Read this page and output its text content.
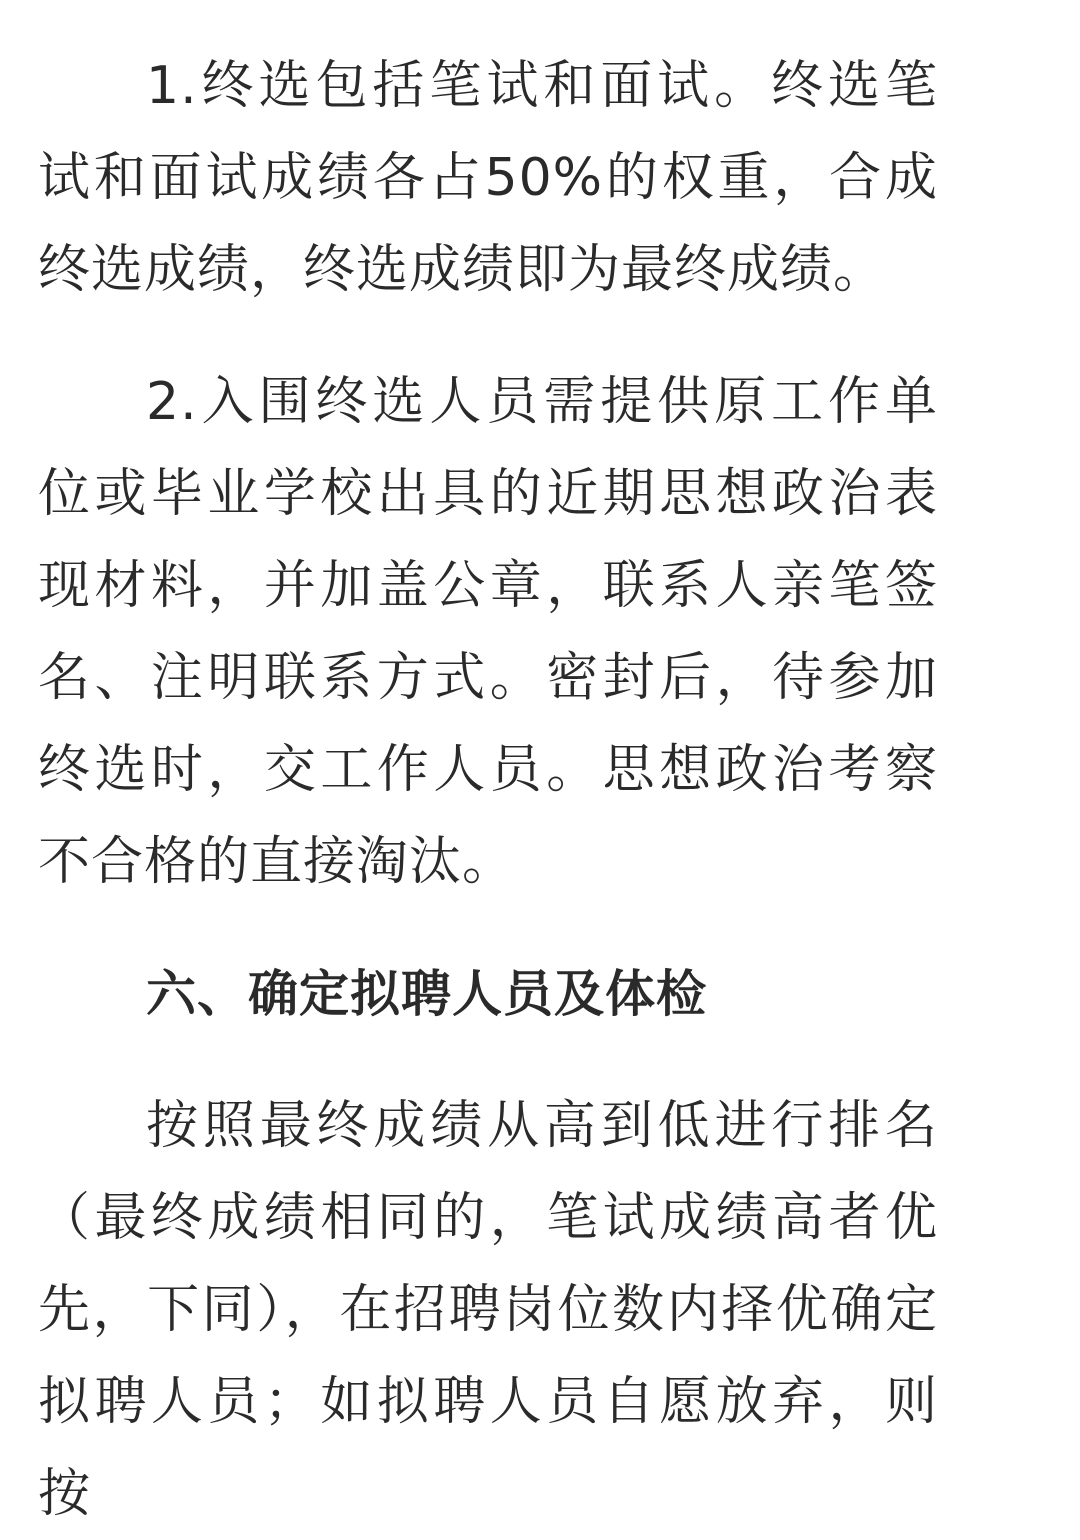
1.终选包括笔试和面试。终选笔试和面试成绩各占50%的权重，合成终选成绩，终选成绩即为最终成绩。

2.入围终选人员需提供原工作单位或毕业学校出具的近期思想政治表现材料，并加盖公章，联系人亲笔签名、注明联系方式。密封后，待参加终选时，交工作人员。思想政治考察不合格的直接淘汰。

六、确定拟聘人员及体检

按照最终成绩从高到低进行排名（最终成绩相同的，笔试成绩高者优先，下同），在招聘岗位数内择优确定拟聘人员；如拟聘人员自愿放弃，则按
